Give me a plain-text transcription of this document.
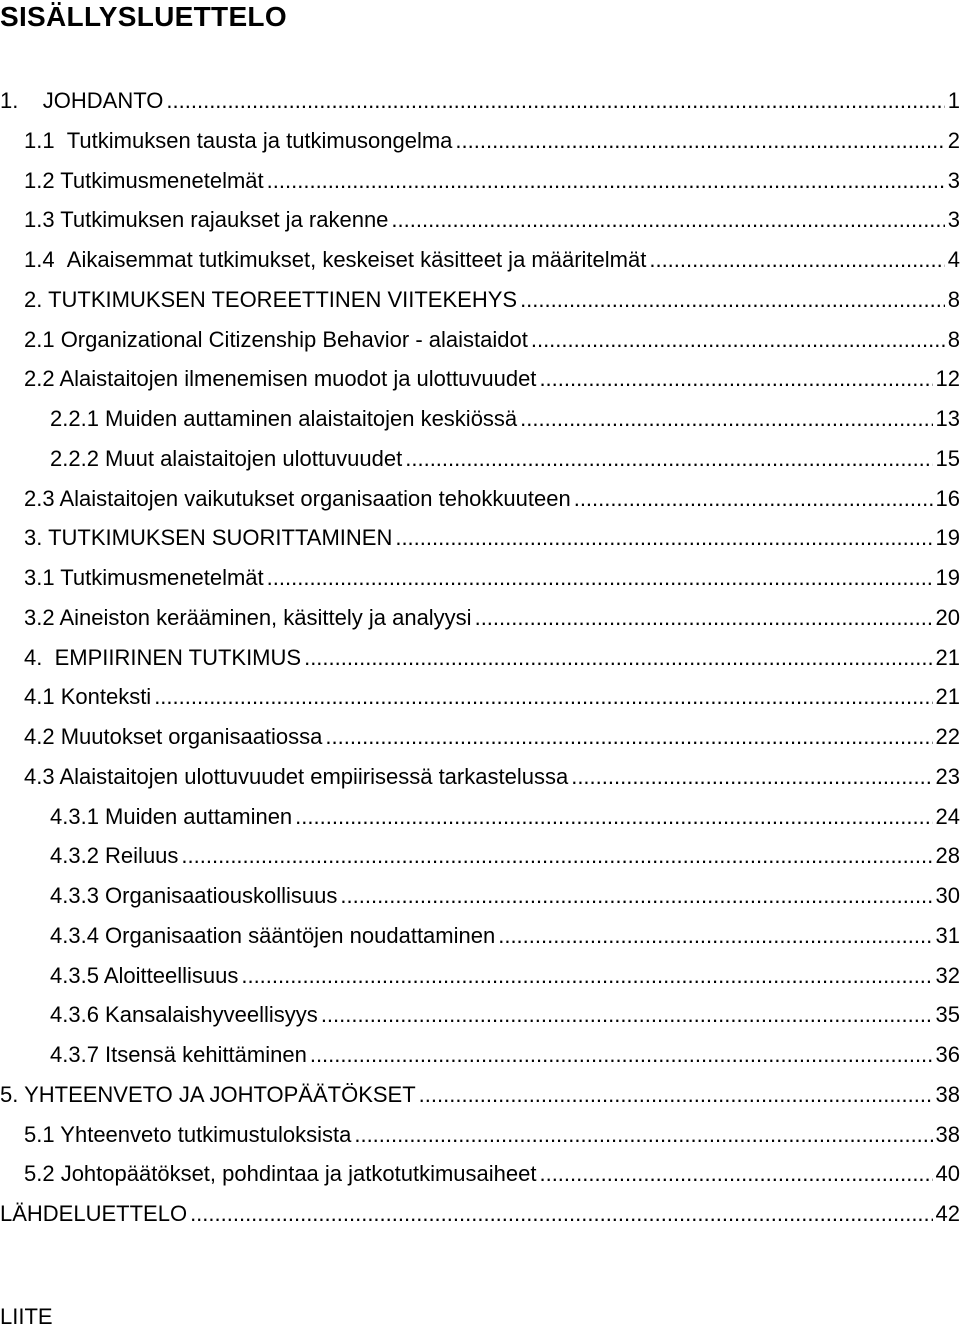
SISÄLLYSLUETTELO
1.    JOHDANTO .....	1
1.1  Tutkimuksen tausta ja tutkimusongelma .....	2
1.2 Tutkimusmenetelmät .....	3
1.3 Tutkimuksen rajaukset ja rakenne .....	3
1.4  Aikaisemmat tutkimukset, keskeiset käsitteet ja määritelmät .....	4
2. TUTKIMUKSEN TEOREETTINEN VIITEKEHYS .....	8
2.1 Organizational Citizenship Behavior - alaistaidot .....	8
2.2 Alaistaitojen ilmenemisen muodot ja ulottuvuudet .....	12
2.2.1 Muiden auttaminen alaistaitojen keskiössä .....	13
2.2.2 Muut alaistaitojen ulottuvuudet .....	15
2.3 Alaistaitojen vaikutukset organisaation tehokkuuteen .....	16
3. TUTKIMUKSEN SUORITTAMINEN .....	19
3.1 Tutkimusmenetelmät .....	19
3.2 Aineiston kerääminen, käsittely ja analyysi .....	20
4.  EMPIIRINEN TUTKIMUS .....	21
4.1 Konteksti .....	21
4.2 Muutokset organisaatiossa .....	22
4.3 Alaistaitojen ulottuvuudet empiirisessä tarkastelussa .....	23
4.3.1 Muiden auttaminen .....	24
4.3.2 Reiluus .....	28
4.3.3 Organisaatiouskollisuus .....	30
4.3.4 Organisaation sääntöjen noudattaminen .....	31
4.3.5 Aloitteellisuus .....	32
4.3.6 Kansalaishyveellisyys .....	35
4.3.7 Itsensä kehittäminen .....	36
5. YHTEENVETO JA JOHTOPÄÄTÖKSET .....	38
5.1 Yhteenveto tutkimustuloksista .....	38
5.2 Johtopäätökset, pohdintaa ja jatkotutkimusaiheet .....	40
LÄHDELUETTELO .....	42
LIITE
